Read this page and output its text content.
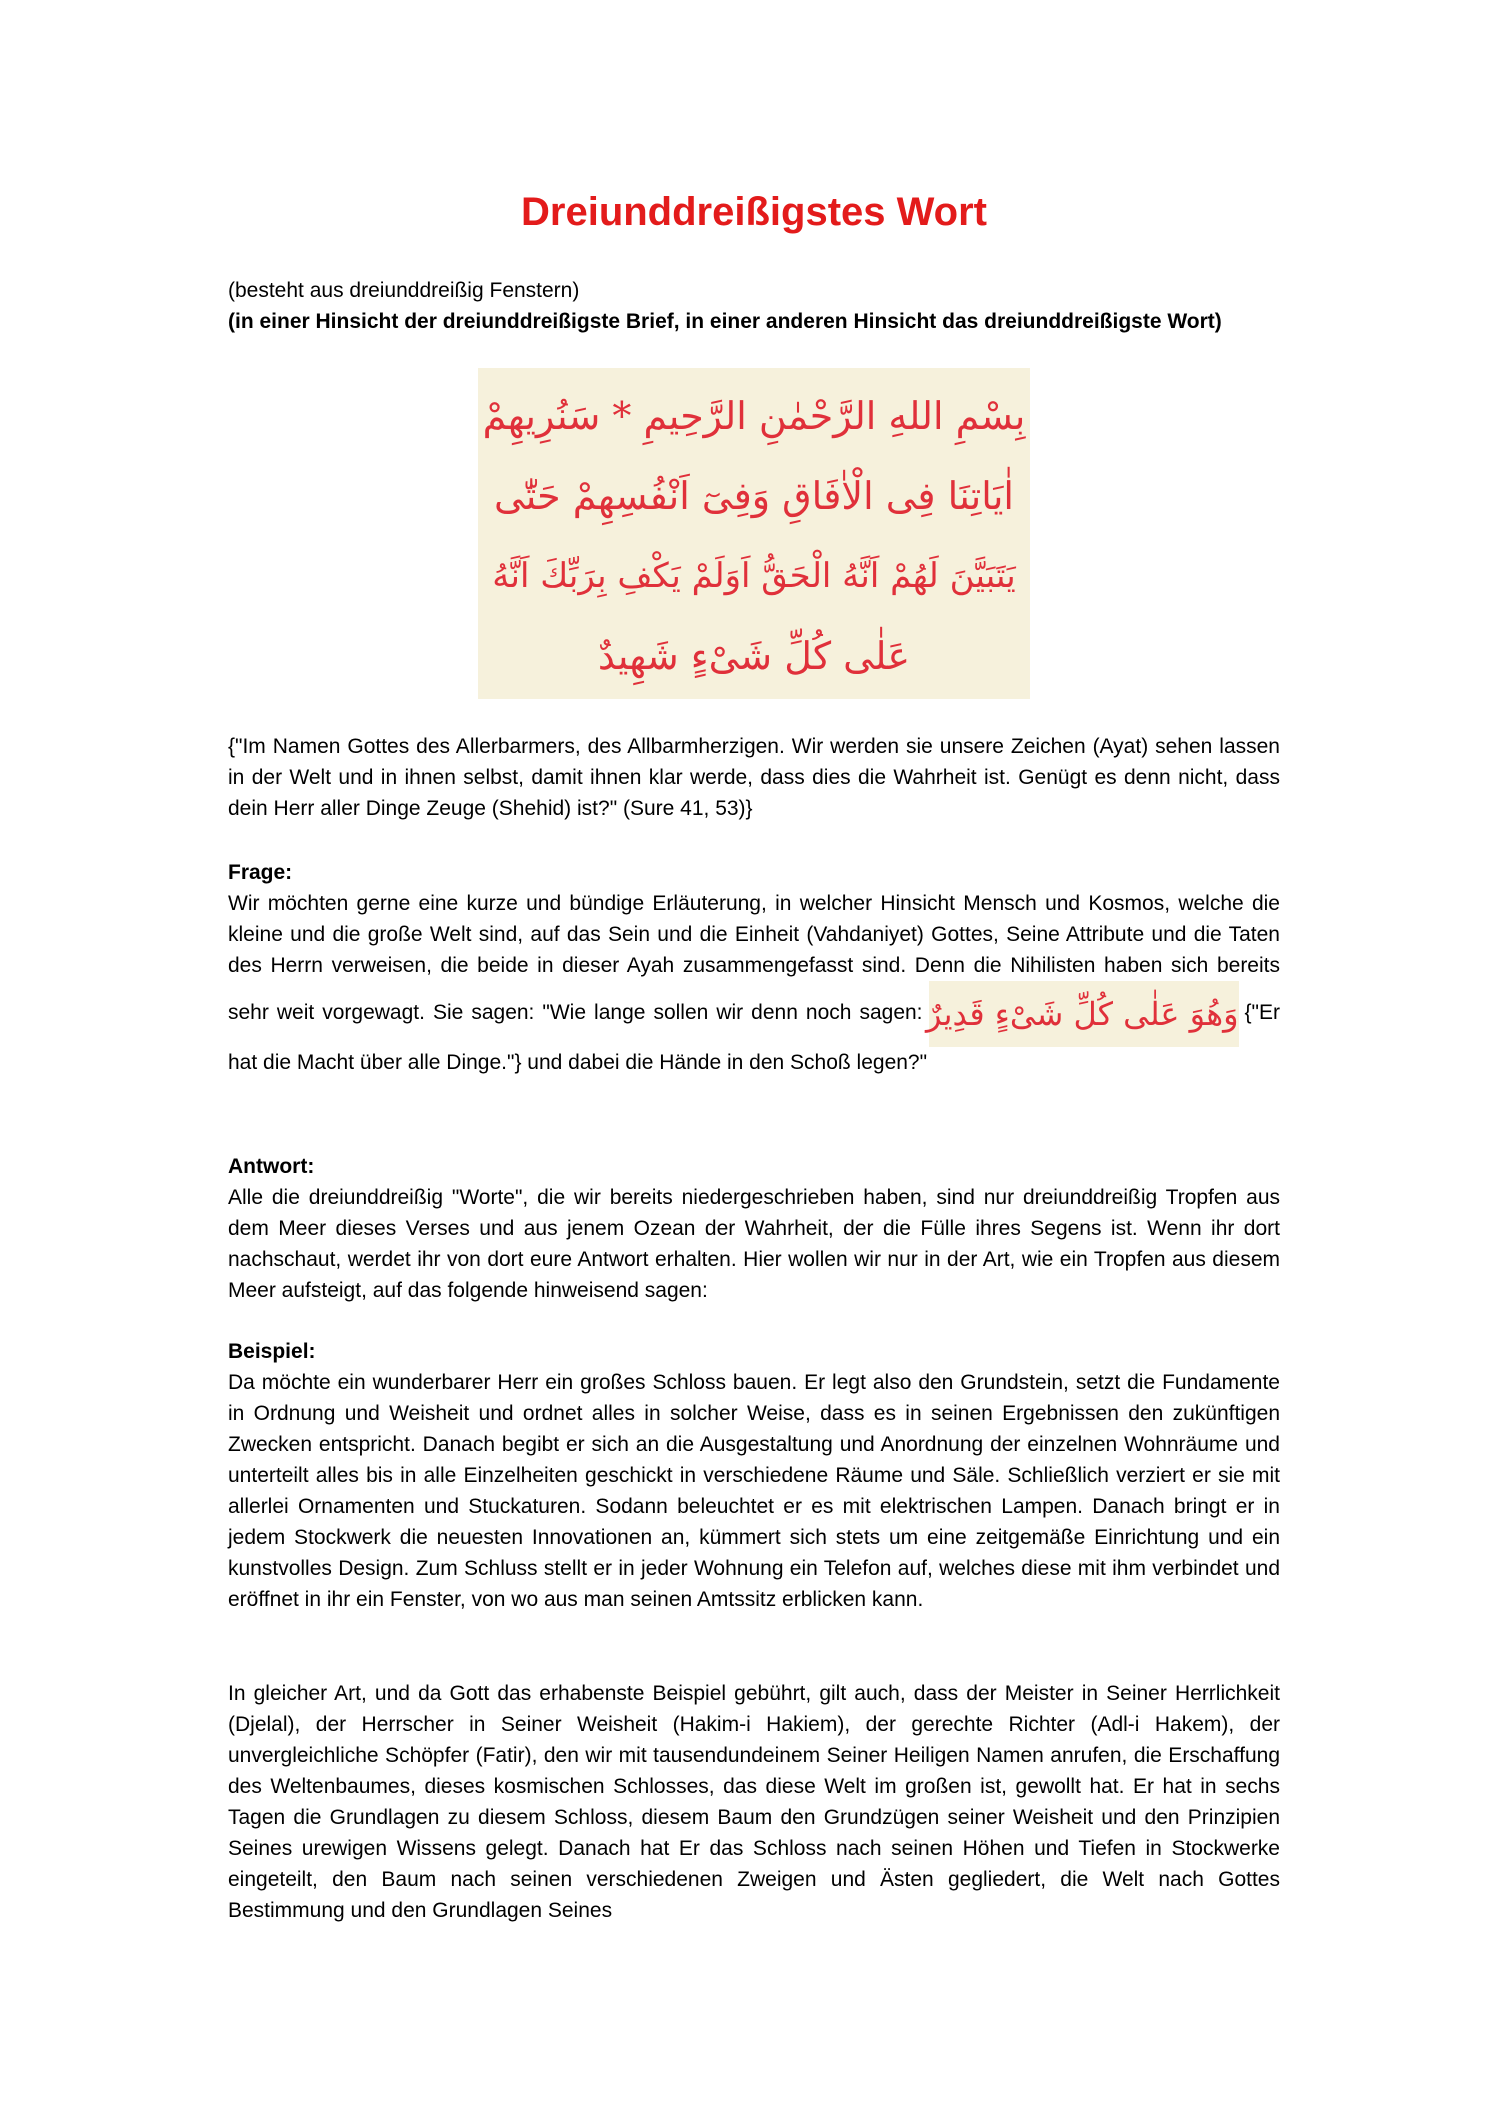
Dreiunddreißigstes Wort

(besteht aus dreiunddreißig Fenstern)

(in einer Hinsicht der dreiunddreißigste Brief, in einer anderen Hinsicht das dreiunddreißigste Wort)

بِسْمِ اللهِ الرَّحْمٰنِ الرَّحِيمِ * سَنُرِيهِمْ
اٰيَاتِنَا فِى الْاٰفَاقِ وَفِىٓ اَنْفُسِهِمْ حَتّٰى
يَتَبَيَّنَ لَهُمْ اَنَّهُ الْحَقُّ اَوَلَمْ يَكْفِ بِرَبِّكَ اَنَّهُ
عَلٰى كُلِّ شَىْءٍ شَهِيدٌ

{"Im Namen Gottes des Allerbarmers, des Allbarmherzigen. Wir werden sie unsere Zeichen (Ayat) sehen lassen in der Welt und in ihnen selbst, damit ihnen klar werde, dass dies die Wahrheit ist. Genügt es denn nicht, dass dein Herr aller Dinge Zeuge (Shehid) ist?" (Sure 41, 53)}

Frage:

Wir möchten gerne eine kurze und bündige Erläuterung, in welcher Hinsicht Mensch und Kosmos, welche die kleine und die große Welt sind, auf das Sein und die Einheit (Vahdaniyet) Gottes, Seine Attribute und die Taten des Herrn verweisen, die beide in dieser Ayah zusammengefasst sind. Denn die Nihilisten haben sich bereits sehr weit vorgewagt. Sie sagen: "Wie lange sollen wir denn noch sagen: وَهُوَ عَلٰى كُلِّ شَىْءٍ قَدِيرٌ {"Er hat die Macht über alle Dinge."} und dabei die Hände in den Schoß legen?"

Antwort:

Alle die dreiunddreißig "Worte", die wir bereits niedergeschrieben haben, sind nur dreiunddreißig Tropfen aus dem Meer dieses Verses und aus jenem Ozean der Wahrheit, der die Fülle ihres Segens ist. Wenn ihr dort nachschaut, werdet ihr von dort eure Antwort erhalten. Hier wollen wir nur in der Art, wie ein Tropfen aus diesem Meer aufsteigt, auf das folgende hinweisend sagen:

Beispiel:

Da möchte ein wunderbarer Herr ein großes Schloss bauen. Er legt also den Grundstein, setzt die Fundamente in Ordnung und Weisheit und ordnet alles in solcher Weise, dass es in seinen Ergebnissen den zukünftigen Zwecken entspricht. Danach begibt er sich an die Ausgestaltung und Anordnung der einzelnen Wohnräume und unterteilt alles bis in alle Einzelheiten geschickt in verschiedene Räume und Säle. Schließlich verziert er sie mit allerlei Ornamenten und Stuckaturen. Sodann beleuchtet er es mit elektrischen Lampen. Danach bringt er in jedem Stockwerk die neuesten Innovationen an, kümmert sich stets um eine zeitgemäße Einrichtung und ein kunstvolles Design. Zum Schluss stellt er in jeder Wohnung ein Telefon auf, welches diese mit ihm verbindet und eröffnet in ihr ein Fenster, von wo aus man seinen Amtssitz erblicken kann.

In gleicher Art, und da Gott das erhabenste Beispiel gebührt, gilt auch, dass der Meister in Seiner Herrlichkeit (Djelal), der Herrscher in Seiner Weisheit (Hakim-i Hakiem), der gerechte Richter (Adl-i Hakem), der unvergleichliche Schöpfer (Fatir), den wir mit tausendundeinem Seiner Heiligen Namen anrufen, die Erschaffung des Weltenbaumes, dieses kosmischen Schlosses, das diese Welt im großen ist, gewollt hat. Er hat in sechs Tagen die Grundlagen zu diesem Schloss, diesem Baum den Grundzügen seiner Weisheit und den Prinzipien Seines urewigen Wissens gelegt. Danach hat Er das Schloss nach seinen Höhen und Tiefen in Stockwerke eingeteilt, den Baum nach seinen verschiedenen Zweigen und Ästen gegliedert, die Welt nach Gottes Bestimmung und den Grundlagen Seines
